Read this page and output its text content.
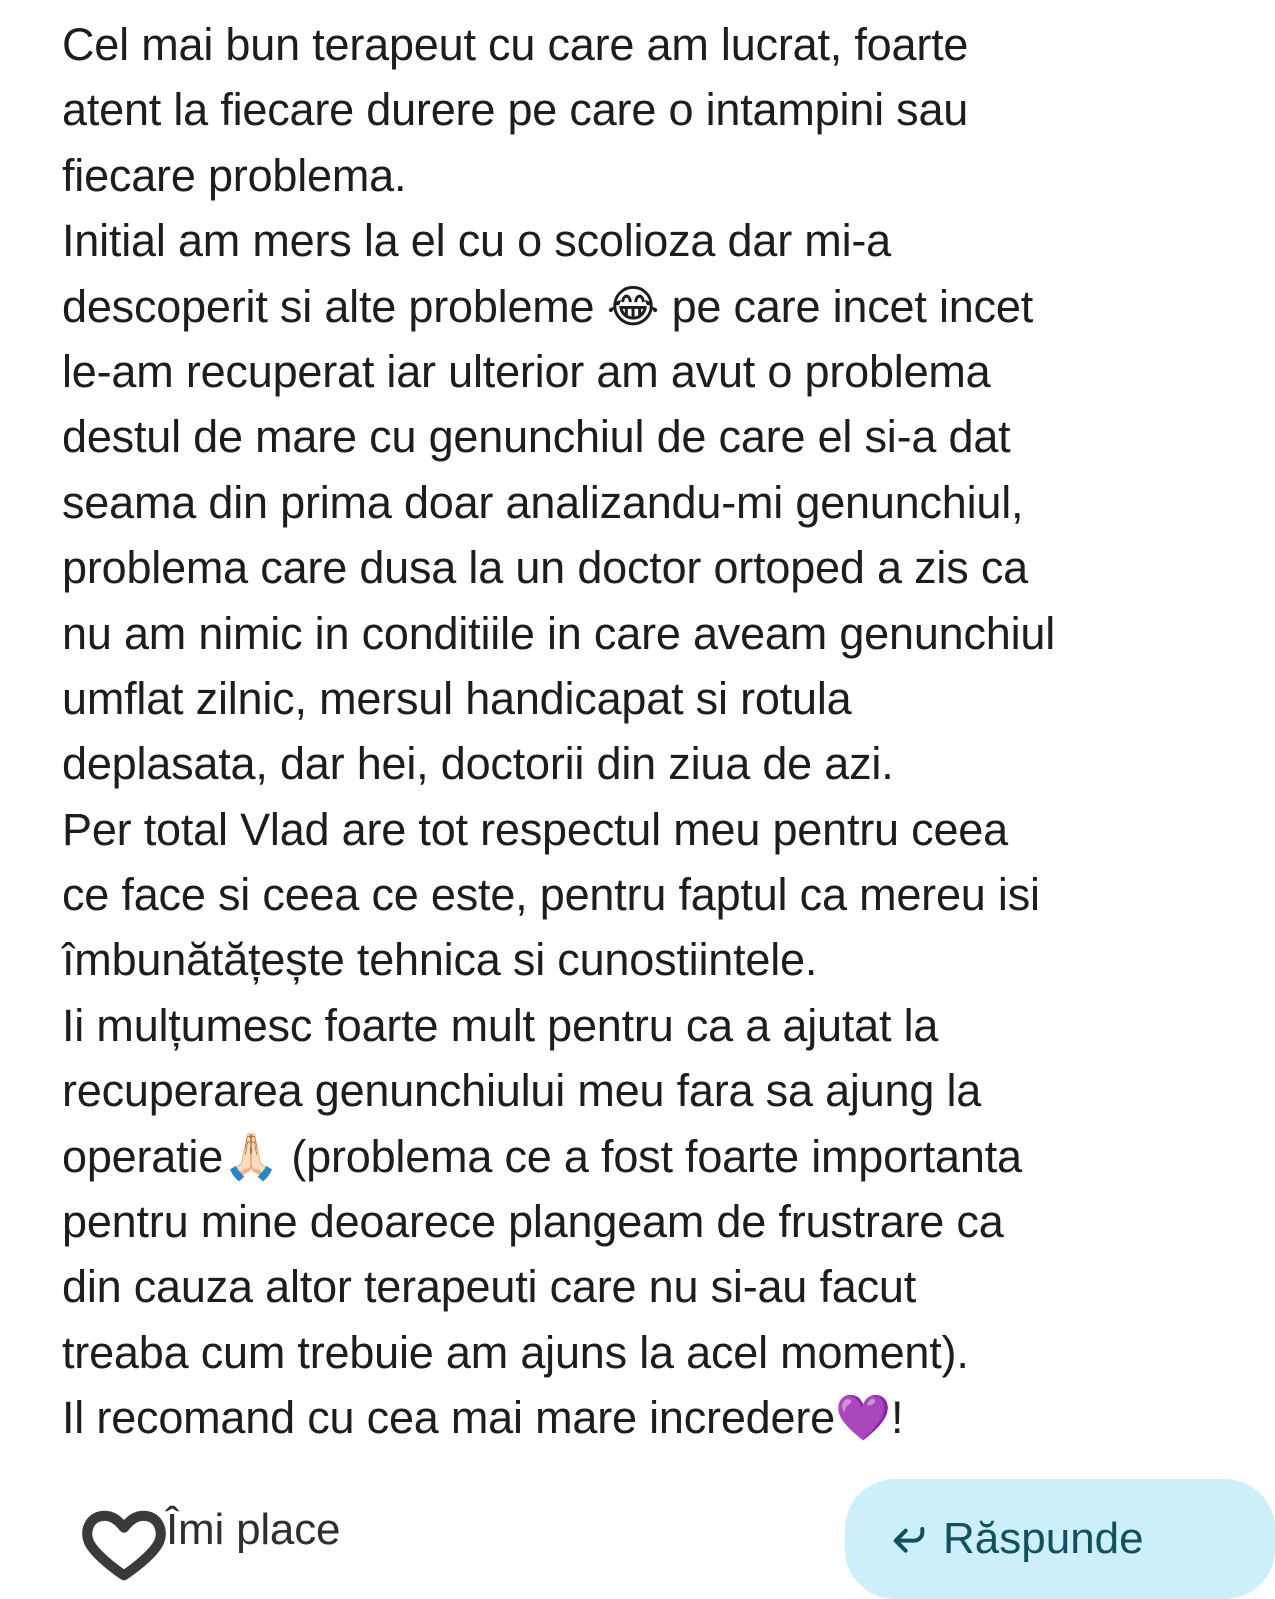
Cel mai bun terapeut cu care am lucrat, foarte
atent la fiecare durere pe care o intampini sau
fiecare problema.
Initial am mers la el cu o scolioza dar mi-a
descoperit si alte probleme 😂 pe care incet incet
le-am recuperat iar ulterior am avut o problema
destul de mare cu genunchiul de care el si-a dat
seama din prima doar analizandu-mi genunchiul,
problema care dusa la un doctor ortoped a zis ca
nu am nimic in conditiile in care aveam genunchiul
umflat zilnic, mersul handicapat si rotula
deplasata, dar hei, doctorii din ziua de azi.
Per total Vlad are tot respectul meu pentru ceea
ce face si ceea ce este, pentru faptul ca mereu isi
îmbunătățește tehnica si cunostiintele.
Ii mulțumesc foarte mult pentru ca a ajutat la
recuperarea genunchiului meu fara sa ajung la
operatie🙏🏻 (problema ce a fost foarte importanta
pentru mine deoarece plangeam de frustrare ca
din cauza altor terapeuti care nu si-au facut
treaba cum trebuie am ajuns la acel moment).
Il recomand cu cea mai mare incredere💜!
Îmi place	Răspunde
